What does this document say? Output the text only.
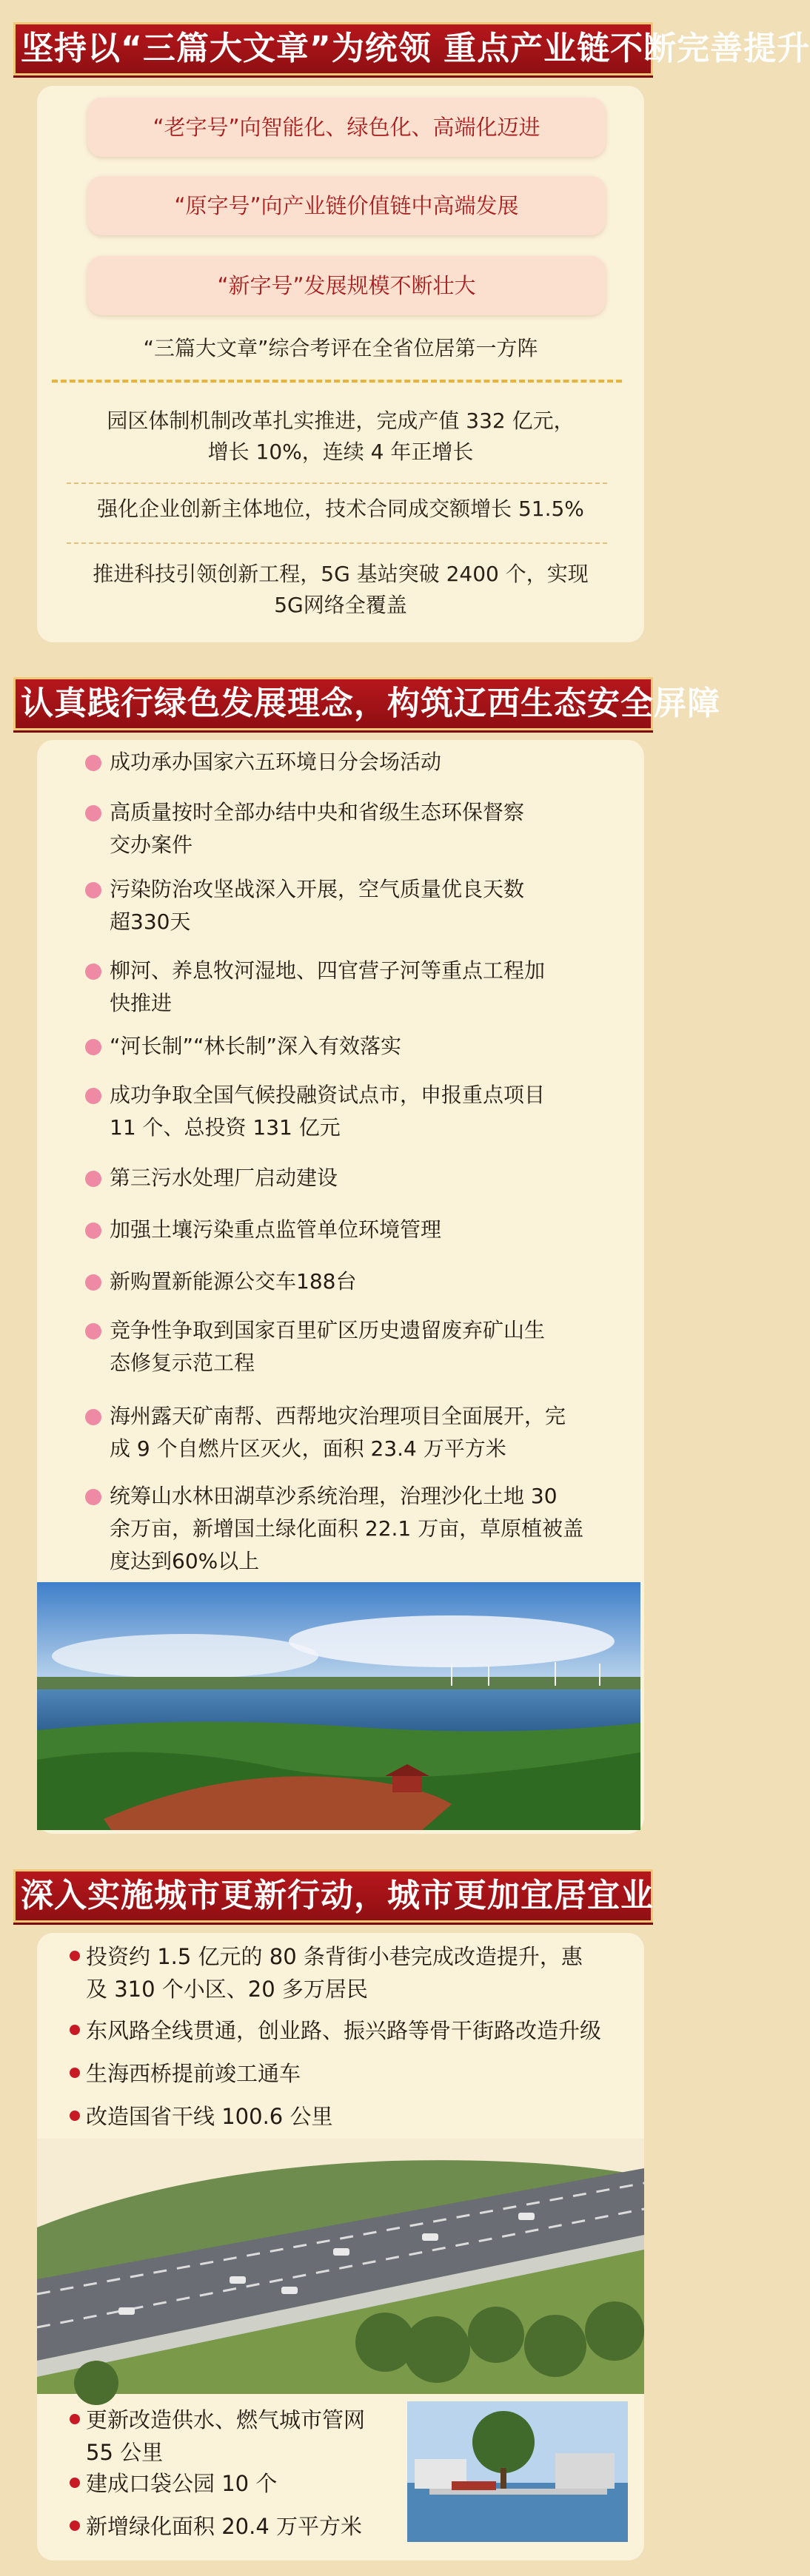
坚持以“三篇大文章”为统领 重点产业链不断完善提升
“老字号”向智能化、绿色化、高端化迈进
“原字号”向产业链价值链中高端发展
“新字号”发展规模不断壮大
“三篇大文章”综合考评在全省位居第一方阵
园区体制机制改革扎实推进，完成产值 332 亿元，
增长 10%，连续 4 年正增长
强化企业创新主体地位，技术合同成交额增长 51.5%
推进科技引领创新工程，5G 基站突破 2400 个，实现
5G网络全覆盖
认真践行绿色发展理念，构筑辽西生态安全屏障
成功承办国家六五环境日分会场活动
高质量按时全部办结中央和省级生态环保督察
交办案件
污染防治攻坚战深入开展，空气质量优良天数
超330天
柳河、养息牧河湿地、四官营子河等重点工程加
快推进
“河长制”“林长制”深入有效落实
成功争取全国气候投融资试点市，申报重点项目
11 个、总投资 131 亿元
第三污水处理厂启动建设
加强土壤污染重点监管单位环境管理
新购置新能源公交车188台
竞争性争取到国家百里矿区历史遗留废弃矿山生
态修复示范工程
海州露天矿南帮、西帮地灾治理项目全面展开，完
成 9 个自燃片区灭火，面积 23.4 万平方米
统筹山水林田湖草沙系统治理，治理沙化土地 30
余万亩，新增国土绿化面积 22.1 万亩，草原植被盖
度达到60%以上
深入实施城市更新行动，城市更加宜居宜业
投资约 1.5 亿元的 80 条背街小巷完成改造提升，惠
及 310 个小区、20 多万居民
东风路全线贯通，创业路、振兴路等骨干街路改造升级
生海西桥提前竣工通车
改造国省干线 100.6 公里
更新改造供水、燃气城市管网
55 公里
建成口袋公园 10 个
新增绿化面积 20.4 万平方米
